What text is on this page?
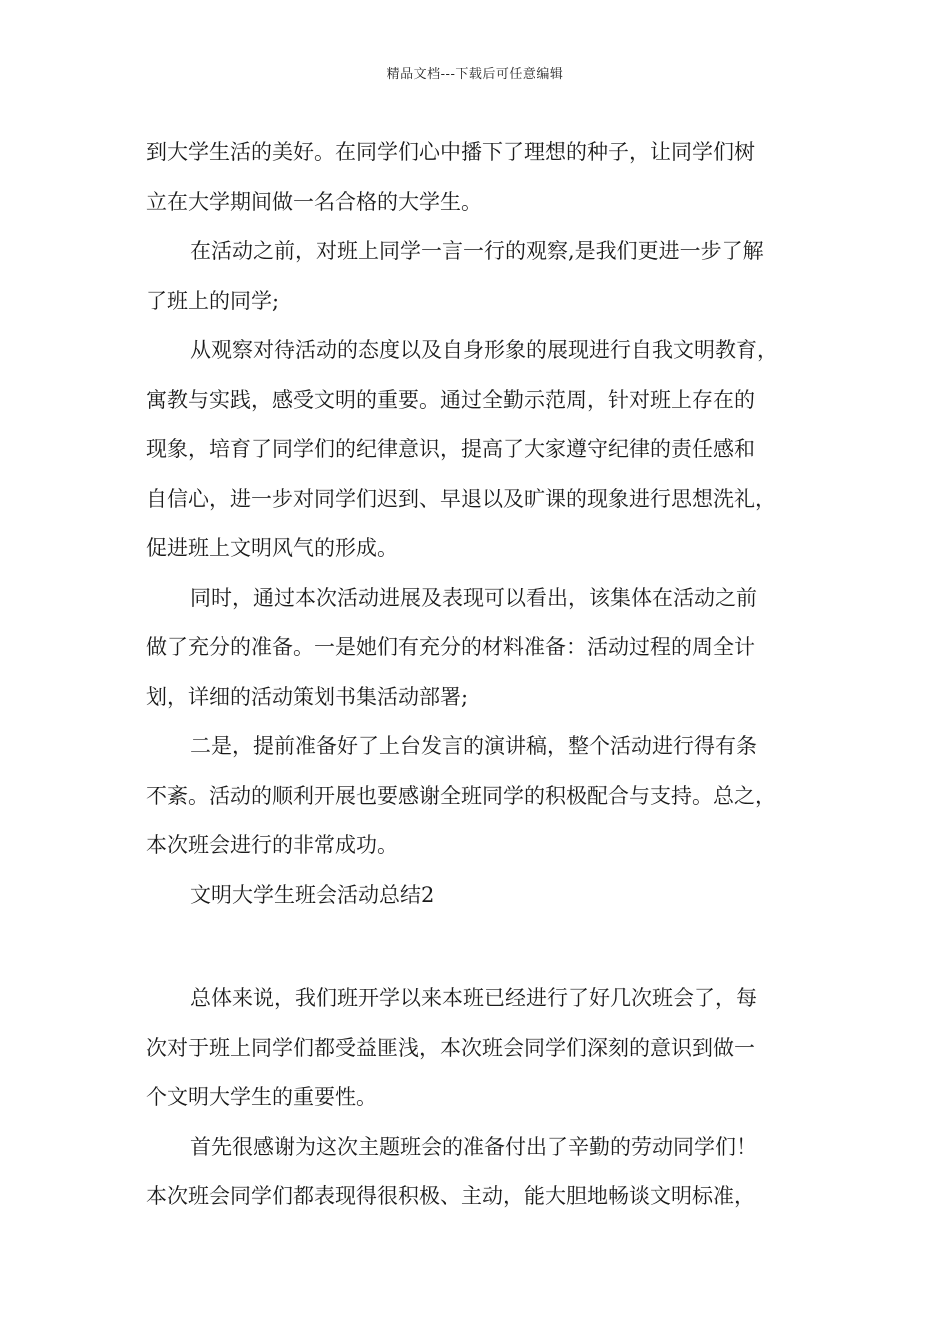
精品文档---下载后可任意编辑

到大学生活的美好。在同学们心中播下了理想的种子，让同学们树
立在大学期间做一名合格的大学生。

在活动之前，对班上同学一言一行的观察,是我们更进一步了解
了班上的同学;

从观察对待活动的态度以及自身形象的展现进行自我文明教育，
寓教与实践，感受文明的重要。通过全勤示范周，针对班上存在的
现象，培育了同学们的纪律意识，提高了大家遵守纪律的责任感和
自信心，进一步对同学们迟到、早退以及旷课的现象进行思想洗礼，
促进班上文明风气的形成。

同时，通过本次活动进展及表现可以看出，该集体在活动之前
做了充分的准备。一是她们有充分的材料准备：活动过程的周全计
划，详细的活动策划书集活动部署;

二是，提前准备好了上台发言的演讲稿，整个活动进行得有条
不紊。活动的顺利开展也要感谢全班同学的积极配合与支持。总之，
本次班会进行的非常成功。

文明大学生班会活动总结2

总体来说，我们班开学以来本班已经进行了好几次班会了，每
次对于班上同学们都受益匪浅，本次班会同学们深刻的意识到做一
个文明大学生的重要性。

首先很感谢为这次主题班会的准备付出了辛勤的劳动同学们！
本次班会同学们都表现得很积极、主动，能大胆地畅谈文明标准，
